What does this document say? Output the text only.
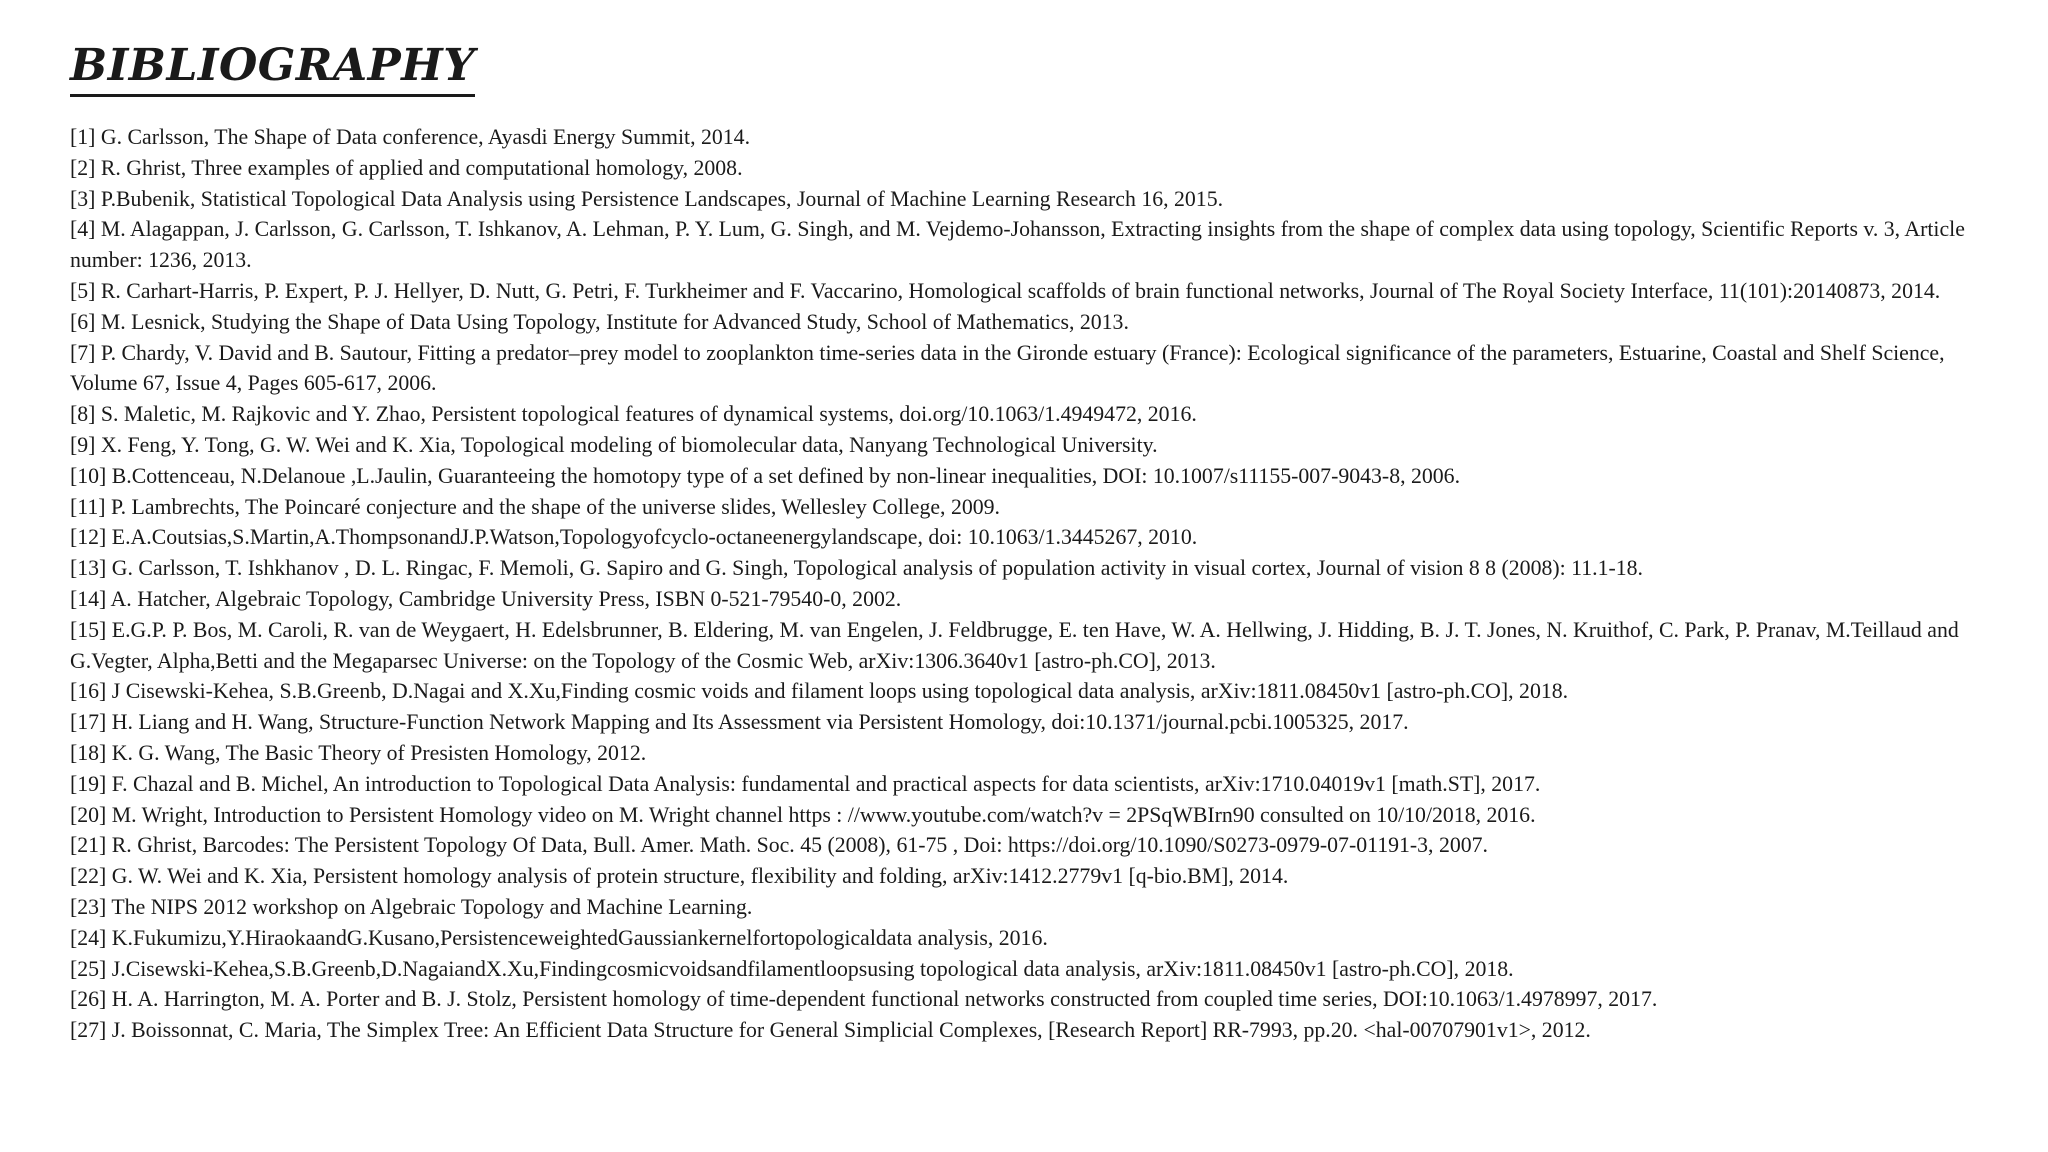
BIBLIOGRAPHY
[1] G. Carlsson, The Shape of Data conference, Ayasdi Energy Summit, 2014.
[2] R. Ghrist, Three examples of applied and computational homology, 2008.
[3] P.Bubenik, Statistical Topological Data Analysis using Persistence Landscapes, Journal of Machine Learning Research 16, 2015.
[4] M. Alagappan, J. Carlsson, G. Carlsson, T. Ishkanov, A. Lehman, P. Y. Lum, G. Singh, and M. Vejdemo-Johansson, Extracting insights from the shape of complex data using topology, Scientific Reports v. 3, Article number: 1236, 2013.
[5] R. Carhart-Harris, P. Expert, P. J. Hellyer, D. Nutt, G. Petri, F. Turkheimer and F. Vaccarino, Homological scaffolds of brain functional networks, Journal of The Royal Society Interface, 11(101):20140873, 2014.
[6] M. Lesnick, Studying the Shape of Data Using Topology, Institute for Advanced Study, School of Mathematics, 2013.
[7] P. Chardy, V. David and B. Sautour, Fitting a predator–prey model to zooplankton time-series data in the Gironde estuary (France): Ecological significance of the parameters, Estuarine, Coastal and Shelf Science, Volume 67, Issue 4, Pages 605-617, 2006.
[8] S. Maletic, M. Rajkovic and Y. Zhao, Persistent topological features of dynamical systems, doi.org/10.1063/1.4949472, 2016.
[9] X. Feng, Y. Tong, G. W. Wei and K. Xia, Topological modeling of biomolecular data, Nanyang Technological University.
[10] B.Cottenceau, N.Delanoue ,L.Jaulin, Guaranteeing the homotopy type of a set defined by non-linear inequalities, DOI: 10.1007/s11155-007-9043-8, 2006.
[11] P. Lambrechts, The Poincaré conjecture and the shape of the universe slides, Wellesley College, 2009.
[12] E.A.Coutsias,S.Martin,A.ThompsonandJ.P.Watson,Topologyofcyclo-octaneenergylandscape, doi: 10.1063/1.3445267, 2010.
[13] G. Carlsson, T. Ishkhanov , D. L. Ringac, F. Memoli, G. Sapiro and G. Singh, Topological analysis of population activity in visual cortex, Journal of vision 8 8 (2008): 11.1-18.
[14] A. Hatcher, Algebraic Topology, Cambridge University Press, ISBN 0-521-79540-0, 2002.
[15] E.G.P. P. Bos, M. Caroli, R. van de Weygaert, H. Edelsbrunner, B. Eldering, M. van Engelen, J. Feldbrugge, E. ten Have, W. A. Hellwing, J. Hidding, B. J. T. Jones, N. Kruithof, C. Park, P. Pranav, M.Teillaud and G.Vegter, Alpha,Betti and the Megaparsec Universe: on the Topology of the Cosmic Web, arXiv:1306.3640v1 [astro-ph.CO], 2013.
[16] J Cisewski-Kehea, S.B.Greenb, D.Nagai and X.Xu,Finding cosmic voids and filament loops using topological data analysis, arXiv:1811.08450v1 [astro-ph.CO], 2018.
[17] H. Liang and H. Wang, Structure-Function Network Mapping and Its Assessment via Persistent Homology, doi:10.1371/journal.pcbi.1005325, 2017.
[18] K. G. Wang, The Basic Theory of Presisten Homology, 2012.
[19] F. Chazal and B. Michel, An introduction to Topological Data Analysis: fundamental and practical aspects for data scientists, arXiv:1710.04019v1 [math.ST], 2017.
[20] M. Wright, Introduction to Persistent Homology video on M. Wright channel https : //www.youtube.com/watch?v = 2PSqWBIrn90 consulted on 10/10/2018, 2016.
[21] R. Ghrist, Barcodes: The Persistent Topology Of Data, Bull. Amer. Math. Soc. 45 (2008), 61-75 , Doi: https://doi.org/10.1090/S0273-0979-07-01191-3, 2007.
[22] G. W. Wei and K. Xia, Persistent homology analysis of protein structure, flexibility and folding, arXiv:1412.2779v1 [q-bio.BM], 2014.
[23] The NIPS 2012 workshop on Algebraic Topology and Machine Learning.
[24] K.Fukumizu,Y.HiraokaandG.Kusano,PersistenceweightedGaussiankernelfortopologicaldata analysis, 2016.
[25] J.Cisewski-Kehea,S.B.Greenb,D.NagaiandX.Xu,Findingcosmicvoidsandfilamentloopsusing topological data analysis, arXiv:1811.08450v1 [astro-ph.CO], 2018.
[26] H. A. Harrington, M. A. Porter and B. J. Stolz, Persistent homology of time-dependent functional networks constructed from coupled time series, DOI:10.1063/1.4978997, 2017.
[27] J. Boissonnat, C. Maria, The Simplex Tree: An Efficient Data Structure for General Simplicial Complexes, [Research Report] RR-7993, pp.20. <hal-00707901v1>, 2012.
